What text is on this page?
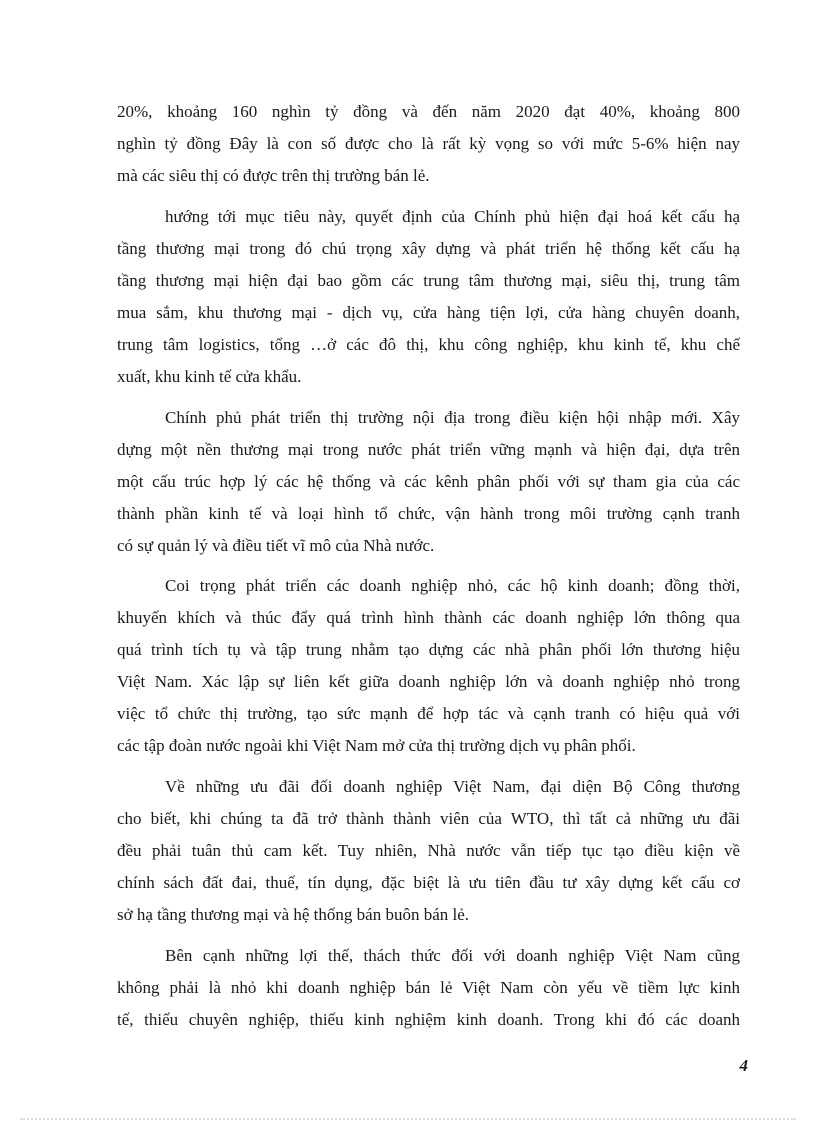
20%, khoảng 160 nghìn tỷ đồng và đến năm 2020 đạt 40%, khoảng 800
nghìn tỷ đồng Đây là con số được cho là rất kỳ vọng so với mức 5-6% hiện nay
mà các siêu thị có được trên thị trường bán lẻ.

hướng tới mục tiêu này, quyết định của Chính phủ hiện đại hoá kết cấu hạ
tầng thương mại trong đó chú trọng xây dựng và phát triển hệ thống kết cấu hạ
tầng thương mại hiện đại bao gồm các trung tâm thương mại, siêu thị, trung tâm
mua sắm, khu thương mại - dịch vụ, cửa hàng tiện lợi, cửa hàng chuyên doanh,
trung tâm logistics, tổng …ở các đô thị, khu công nghiệp, khu kinh tế, khu chế
xuất, khu kinh tế cửa khẩu.

Chính phủ phát triển thị trường nội địa trong điều kiện hội nhập mới. Xây
dựng một nền thương mại trong nước phát triển vững mạnh và hiện đại, dựa trên
một cấu trúc hợp lý các hệ thống và các kênh phân phối với sự tham gia của các
thành phần kinh tế và loại hình tổ chức, vận hành trong môi trường cạnh tranh
có sự quản lý và điều tiết vĩ mô của Nhà nước.

Coi trọng phát triển các doanh nghiệp nhỏ, các hộ kinh doanh; đồng thời,
khuyến khích và thúc đẩy quá trình hình thành các doanh nghiệp lớn thông qua
quá trình tích tụ và tập trung nhằm tạo dựng các nhà phân phối lớn thương hiệu
Việt Nam. Xác lập sự liên kết giữa doanh nghiệp lớn và doanh nghiệp nhỏ trong
việc tổ chức thị trường, tạo sức mạnh để hợp tác và cạnh tranh có hiệu quả với
các tập đoàn nước ngoài khi Việt Nam mở cửa thị trường dịch vụ phân phối.

Về những ưu đãi đối doanh nghiệp Việt Nam, đại diện Bộ Công thương
cho biết, khi chúng ta đã trở thành thành viên của WTO, thì tất cả những ưu đãi
đều phải tuân thủ cam kết. Tuy nhiên, Nhà nước vẫn tiếp tục tạo điều kiện về
chính sách đất đai, thuế, tín dụng, đặc biệt là ưu tiên đầu tư xây dựng kết cấu cơ
sở hạ tầng thương mại và hệ thống bán buôn bán lẻ.

Bên cạnh những lợi thế, thách thức đối với doanh nghiệp Việt Nam cũng
không phải là nhỏ khi doanh nghiệp bán lẻ Việt Nam còn yếu về tiềm lực kinh
tế, thiếu chuyên nghiệp, thiếu kinh nghiệm kinh doanh. Trong khi đó các doanh

4
